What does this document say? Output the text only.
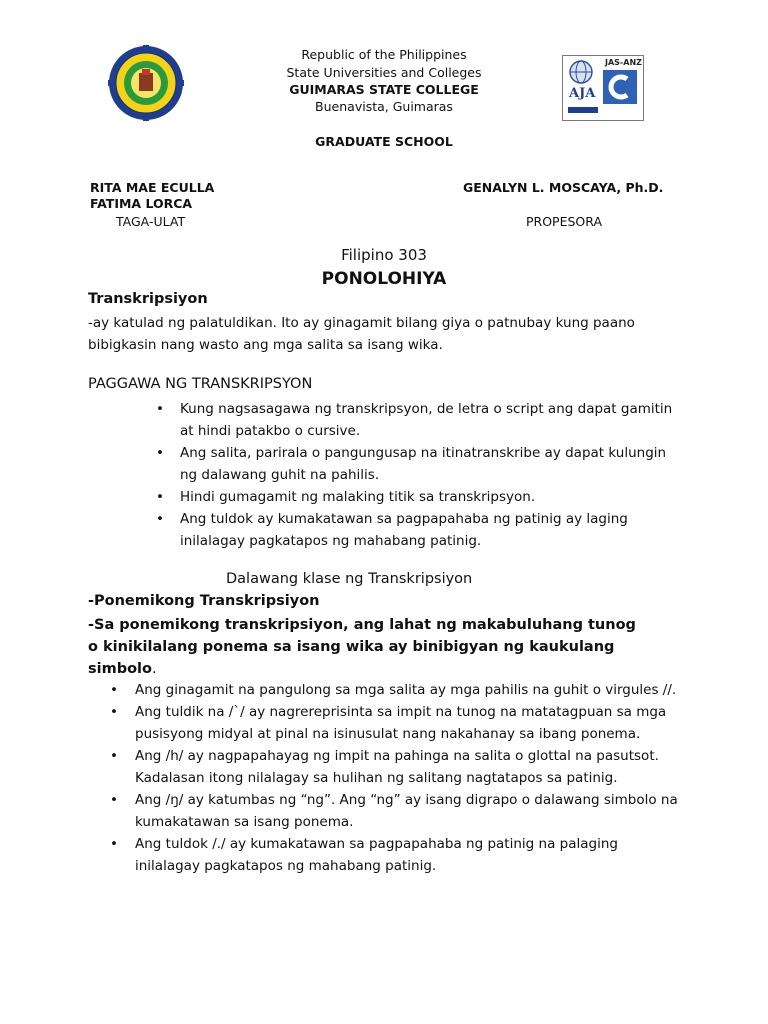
JAS-ANZ
AJA
Republic of the Philippines
State Universities and Colleges
GUIMARAS STATE COLLEGE
Buenavista, Guimaras
GRADUATE SCHOOL
RITA MAE ECULLA
FATIMA LORCA
TAGA-ULAT
GENALYN L. MOSCAYA, Ph.D.
PROPESORA
Filipino 303
PONOLOHIYA
Transkripsiyon
-ay katulad ng palatuldikan. Ito ay ginagamit bilang giya o patnubay kung paano bibigkasin nang wasto ang mga salita sa isang wika.
PAGGAWA NG TRANSKRIPSYON
• Kung nagsasagawa ng transkripsyon, de letra o script ang dapat gamitin at hindi patakbo o cursive.
• Ang salita, parirala o pangungusap na itinatranskribe ay dapat kulungin ng dalawang guhit na pahilis.
• Hindi gumagamit ng malaking titik sa transkripsyon.
• Ang tuldok ay kumakatawan sa pagpapahaba ng patinig ay laging inilalagay pagkatapos ng mahabang patinig.
Dalawang klase ng Transkripsiyon
-Ponemikong Transkripsiyon
-Sa ponemikong transkripsiyon, ang lahat ng makabuluhang tunog o kinikilalang ponema sa isang wika ay binibigyan ng kaukulang simbolo.
• Ang ginagamit na pangulong sa mga salita ay mga pahilis na guhit o virgules //.
• Ang tuldik na /`/ ay nagrereprisinta sa impit na tunog na matatagpuan sa mga pusisyong midyal at pinal na isinusulat nang nakahanay sa ibang ponema.
• Ang /h/ ay nagpapahayag ng impit na pahinga na salita o glottal na pasutsot. Kadalasan itong nilalagay sa hulihan ng salitang nagtatapos sa patinig.
• Ang /ŋ/ ay katumbas ng “ng”. Ang “ng” ay isang digrapo o dalawang simbolo na kumakatawan sa isang ponema.
• Ang tuldok /./ ay kumakatawan sa pagpapahaba ng patinig na palaging inilalagay pagkatapos ng mahabang patinig.
